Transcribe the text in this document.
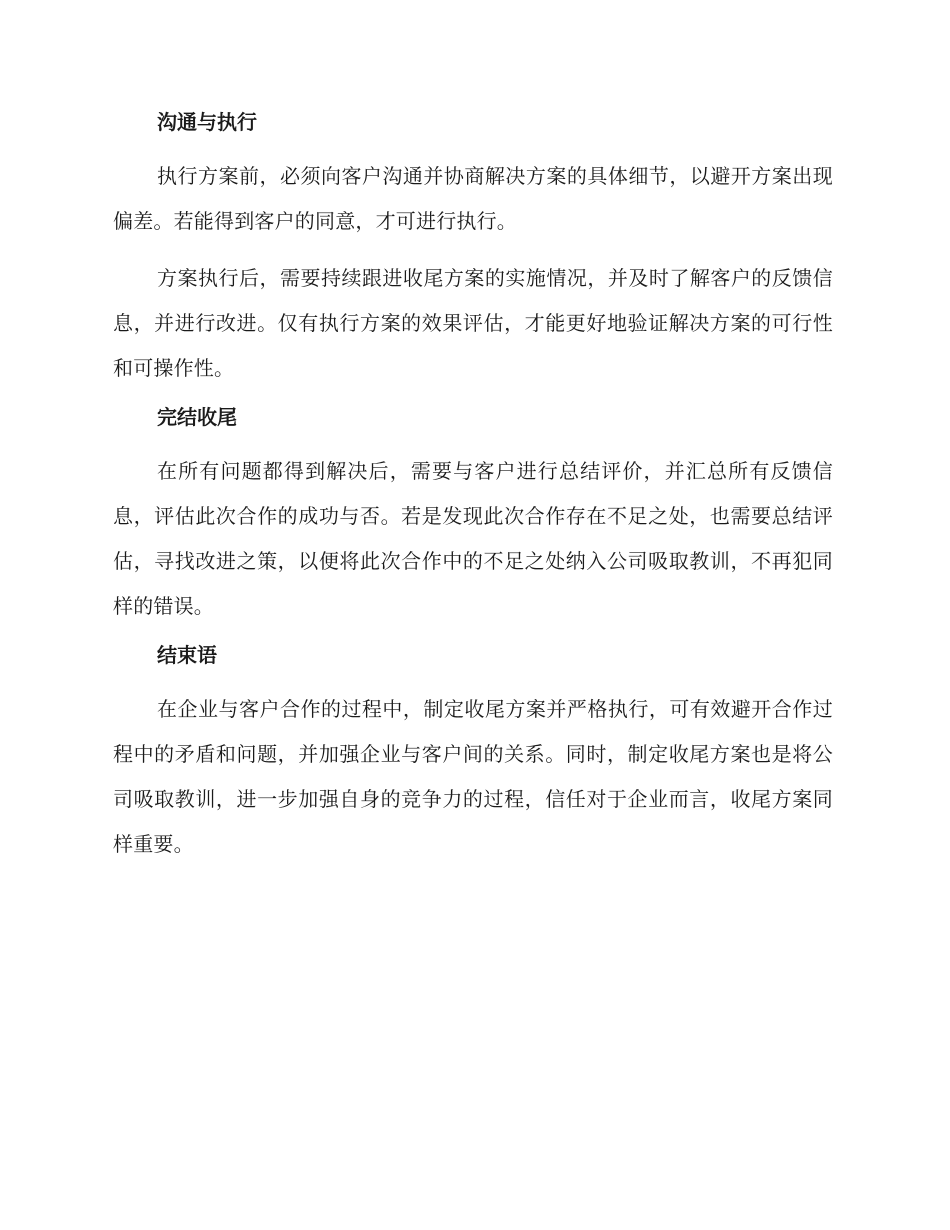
沟通与执行

执行方案前，必须向客户沟通并协商解决方案的具体细节，以避开方案出现偏差。若能得到客户的同意，才可进行执行。

方案执行后，需要持续跟进收尾方案的实施情况，并及时了解客户的反馈信息，并进行改进。仅有执行方案的效果评估，才能更好地验证解决方案的可行性和可操作性。

完结收尾

在所有问题都得到解决后，需要与客户进行总结评价，并汇总所有反馈信息，评估此次合作的成功与否。若是发现此次合作存在不足之处，也需要总结评估，寻找改进之策，以便将此次合作中的不足之处纳入公司吸取教训，不再犯同样的错误。

结束语

在企业与客户合作的过程中，制定收尾方案并严格执行，可有效避开合作过程中的矛盾和问题，并加强企业与客户间的关系。同时，制定收尾方案也是将公司吸取教训，进一步加强自身的竞争力的过程，信任对于企业而言，收尾方案同样重要。
